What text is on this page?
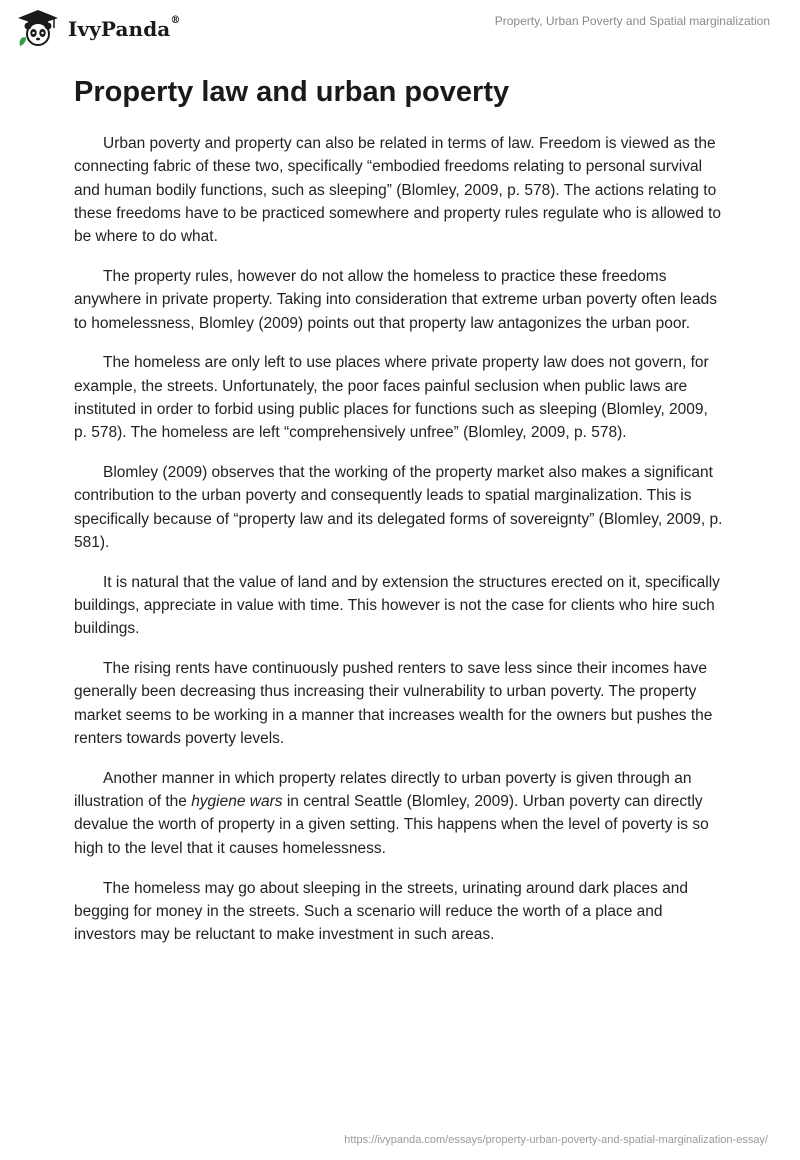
IvyPanda®	Property, Urban Poverty and Spatial marginalization
Property law and urban poverty

Urban poverty and property can also be related in terms of law. Freedom is viewed as the connecting fabric of these two, specifically “embodied freedoms relating to personal survival and human bodily functions, such as sleeping” (Blomley, 2009, p. 578). The actions relating to these freedoms have to be practiced somewhere and property rules regulate who is allowed to be where to do what.

The property rules, however do not allow the homeless to practice these freedoms anywhere in private property. Taking into consideration that extreme urban poverty often leads to homelessness, Blomley (2009) points out that property law antagonizes the urban poor.

The homeless are only left to use places where private property law does not govern, for example, the streets. Unfortunately, the poor faces painful seclusion when public laws are instituted in order to forbid using public places for functions such as sleeping (Blomley, 2009, p. 578). The homeless are left “comprehensively unfree” (Blomley, 2009, p. 578).

Blomley (2009) observes that the working of the property market also makes a significant contribution to the urban poverty and consequently leads to spatial marginalization. This is specifically because of “property law and its delegated forms of sovereignty” (Blomley, 2009, p. 581).

It is natural that the value of land and by extension the structures erected on it, specifically buildings, appreciate in value with time. This however is not the case for clients who hire such buildings.

The rising rents have continuously pushed renters to save less since their incomes have generally been decreasing thus increasing their vulnerability to urban poverty. The property market seems to be working in a manner that increases wealth for the owners but pushes the renters towards poverty levels.

Another manner in which property relates directly to urban poverty is given through an illustration of the hygiene wars in central Seattle (Blomley, 2009). Urban poverty can directly devalue the worth of property in a given setting. This happens when the level of poverty is so high to the level that it causes homelessness.

The homeless may go about sleeping in the streets, urinating around dark places and begging for money in the streets. Such a scenario will reduce the worth of a place and investors may be reluctant to make investment in such areas.

https://ivypanda.com/essays/property-urban-poverty-and-spatial-marginalization-essay/
